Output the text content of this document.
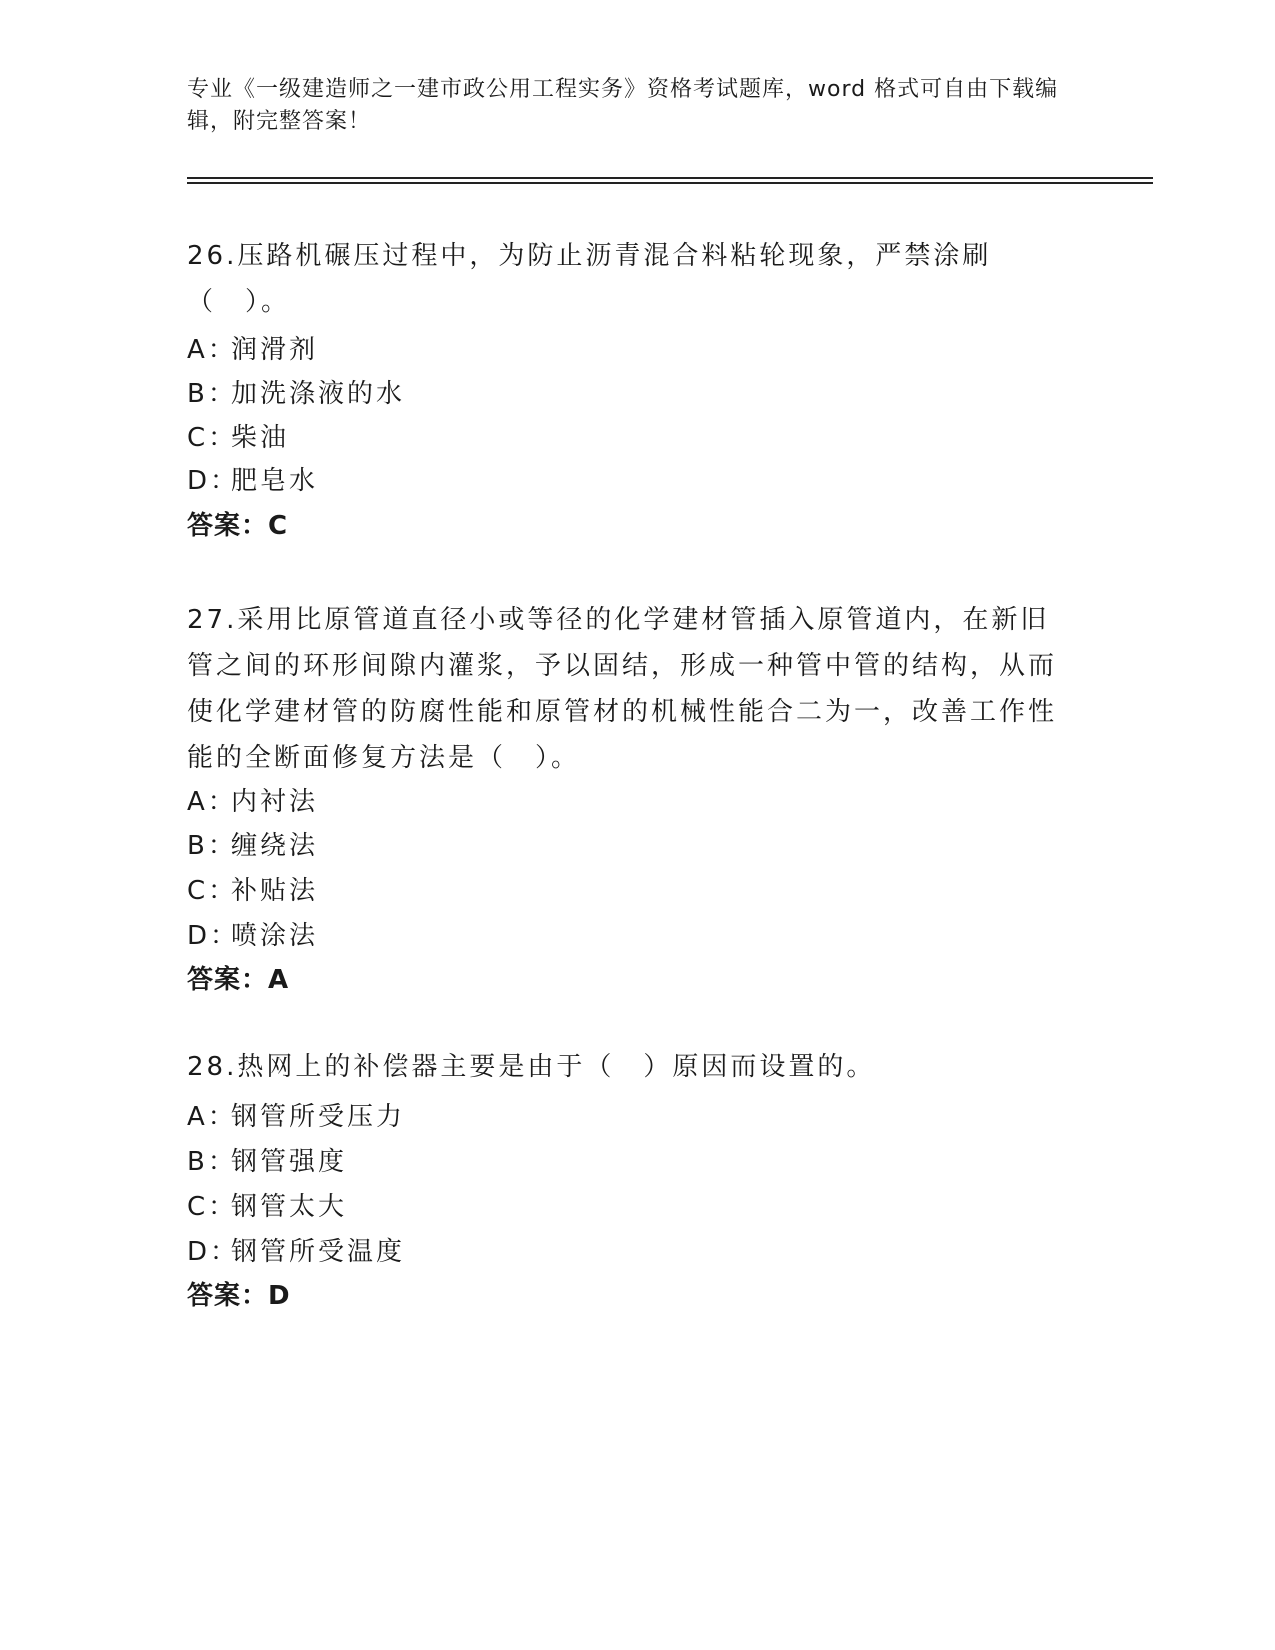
专业《一级建造师之一建市政公用工程实务》资格考试题库，word 格式可自由下载编辑，附完整答案！
26.压路机碾压过程中，为防止沥青混合料粘轮现象，严禁涂刷（　）。
A：润滑剂
B：加洗涤液的水
C：柴油
D：肥皂水
答案：C
27.采用比原管道直径小或等径的化学建材管插入原管道内，在新旧管之间的环形间隙内灌浆，予以固结，形成一种管中管的结构，从而使化学建材管的防腐性能和原管材的机械性能合二为一，改善工作性能的全断面修复方法是（　）。
A：内衬法
B：缠绕法
C：补贴法
D：喷涂法
答案：A
28.热网上的补偿器主要是由于（　）原因而设置的。
A：钢管所受压力
B：钢管强度
C：钢管太大
D：钢管所受温度
答案：D
